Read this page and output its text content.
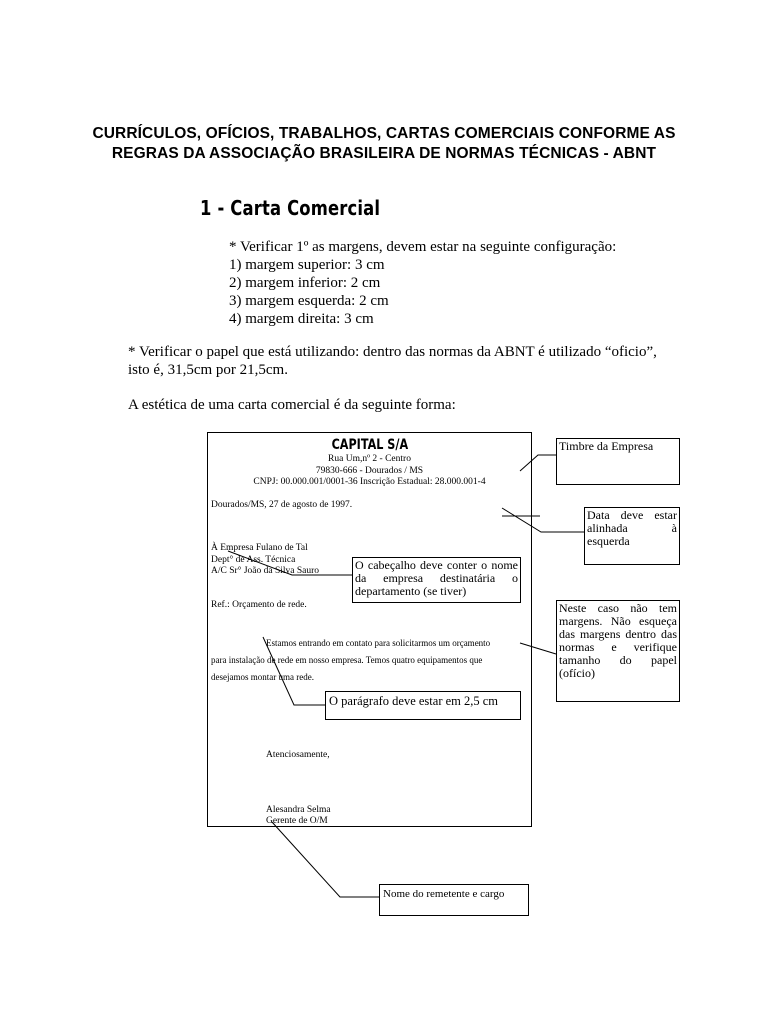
CURRÍCULOS, OFÍCIOS, TRABALHOS, CARTAS COMERCIAIS CONFORME AS
REGRAS DA ASSOCIAÇÃO BRASILEIRA DE NORMAS TÉCNICAS - ABNT
1 - Carta Comercial
* Verificar 1º as margens, devem estar na seguinte configuração:
1) margem superior: 3 cm
2) margem inferior: 2 cm
3) margem esquerda: 2 cm
4) margem direita: 3 cm
* Verificar o papel que está utilizando: dentro das normas da ABNT é utilizado “oficio”,
isto é, 31,5cm por 21,5cm.
A estética de uma carta comercial é da seguinte forma:
CAPITAL S/A
Rua Um,nº 2 - Centro
79830-666 - Dourados / MS
CNPJ: 00.000.001/0001-36 Inscrição Estadual: 28.000.001-4
Dourados/MS, 27 de agosto de 1997.
À Empresa Fulano de Tal
Dept° de Ass. Técnica
A/C Sr° João da Silva Sauro
Ref.: Orçamento de rede.
Estamos entrando em contato para solicitarmos um orçamento
para instalação de rede em nosso empresa. Temos quatro equipamentos que
desejamos montar uma rede.
Atenciosamente,
Alesandra Selma
Gerente de O/M
Timbre da Empresa
Data deve estar alinhada à esquerda
O cabeçalho deve conter o nome da empresa destinatária o departamento (se tiver)
Neste caso não tem margens. Não esqueça das margens dentro das normas e verifique tamanho do papel (ofício)
O parágrafo deve estar em 2,5 cm
Nome do remetente e cargo
